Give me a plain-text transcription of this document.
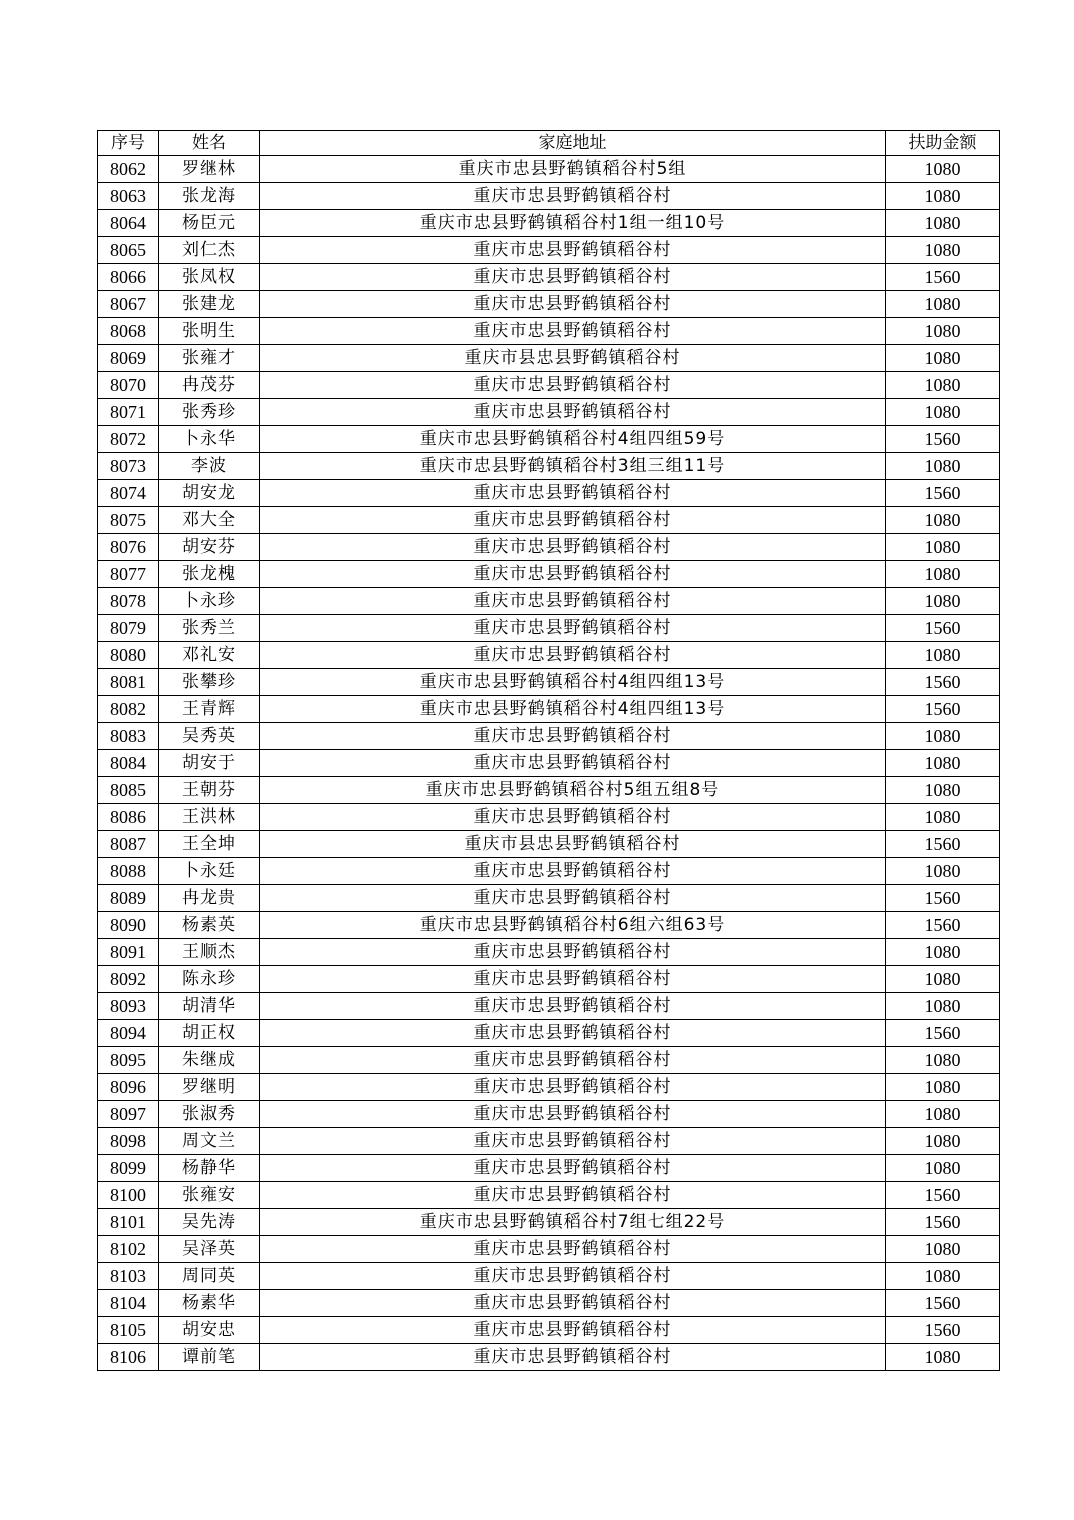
序号	姓名	家庭地址	扶助金额
8062	罗继林	重庆市忠县野鹤镇稻谷村5组	1080
8063	张龙海	重庆市忠县野鹤镇稻谷村	1080
8064	杨臣元	重庆市忠县野鹤镇稻谷村1组一组10号	1080
8065	刘仁杰	重庆市忠县野鹤镇稻谷村	1080
8066	张凤权	重庆市忠县野鹤镇稻谷村	1560
8067	张建龙	重庆市忠县野鹤镇稻谷村	1080
8068	张明生	重庆市忠县野鹤镇稻谷村	1080
8069	张雍才	重庆市县忠县野鹤镇稻谷村	1080
8070	冉茂芬	重庆市忠县野鹤镇稻谷村	1080
8071	张秀珍	重庆市忠县野鹤镇稻谷村	1080
8072	卜永华	重庆市忠县野鹤镇稻谷村4组四组59号	1560
8073	李波	重庆市忠县野鹤镇稻谷村3组三组11号	1080
8074	胡安龙	重庆市忠县野鹤镇稻谷村	1560
8075	邓大全	重庆市忠县野鹤镇稻谷村	1080
8076	胡安芬	重庆市忠县野鹤镇稻谷村	1080
8077	张龙槐	重庆市忠县野鹤镇稻谷村	1080
8078	卜永珍	重庆市忠县野鹤镇稻谷村	1080
8079	张秀兰	重庆市忠县野鹤镇稻谷村	1560
8080	邓礼安	重庆市忠县野鹤镇稻谷村	1080
8081	张攀珍	重庆市忠县野鹤镇稻谷村4组四组13号	1560
8082	王青辉	重庆市忠县野鹤镇稻谷村4组四组13号	1560
8083	吴秀英	重庆市忠县野鹤镇稻谷村	1080
8084	胡安于	重庆市忠县野鹤镇稻谷村	1080
8085	王朝芬	重庆市忠县野鹤镇稻谷村5组五组8号	1080
8086	王洪林	重庆市忠县野鹤镇稻谷村	1080
8087	王全坤	重庆市县忠县野鹤镇稻谷村	1560
8088	卜永廷	重庆市忠县野鹤镇稻谷村	1080
8089	冉龙贵	重庆市忠县野鹤镇稻谷村	1560
8090	杨素英	重庆市忠县野鹤镇稻谷村6组六组63号	1560
8091	王顺杰	重庆市忠县野鹤镇稻谷村	1080
8092	陈永珍	重庆市忠县野鹤镇稻谷村	1080
8093	胡清华	重庆市忠县野鹤镇稻谷村	1080
8094	胡正权	重庆市忠县野鹤镇稻谷村	1560
8095	朱继成	重庆市忠县野鹤镇稻谷村	1080
8096	罗继明	重庆市忠县野鹤镇稻谷村	1080
8097	张淑秀	重庆市忠县野鹤镇稻谷村	1080
8098	周文兰	重庆市忠县野鹤镇稻谷村	1080
8099	杨静华	重庆市忠县野鹤镇稻谷村	1080
8100	张雍安	重庆市忠县野鹤镇稻谷村	1560
8101	吴先涛	重庆市忠县野鹤镇稻谷村7组七组22号	1560
8102	吴泽英	重庆市忠县野鹤镇稻谷村	1080
8103	周同英	重庆市忠县野鹤镇稻谷村	1080
8104	杨素华	重庆市忠县野鹤镇稻谷村	1560
8105	胡安忠	重庆市忠县野鹤镇稻谷村	1560
8106	谭前笔	重庆市忠县野鹤镇稻谷村	1080
